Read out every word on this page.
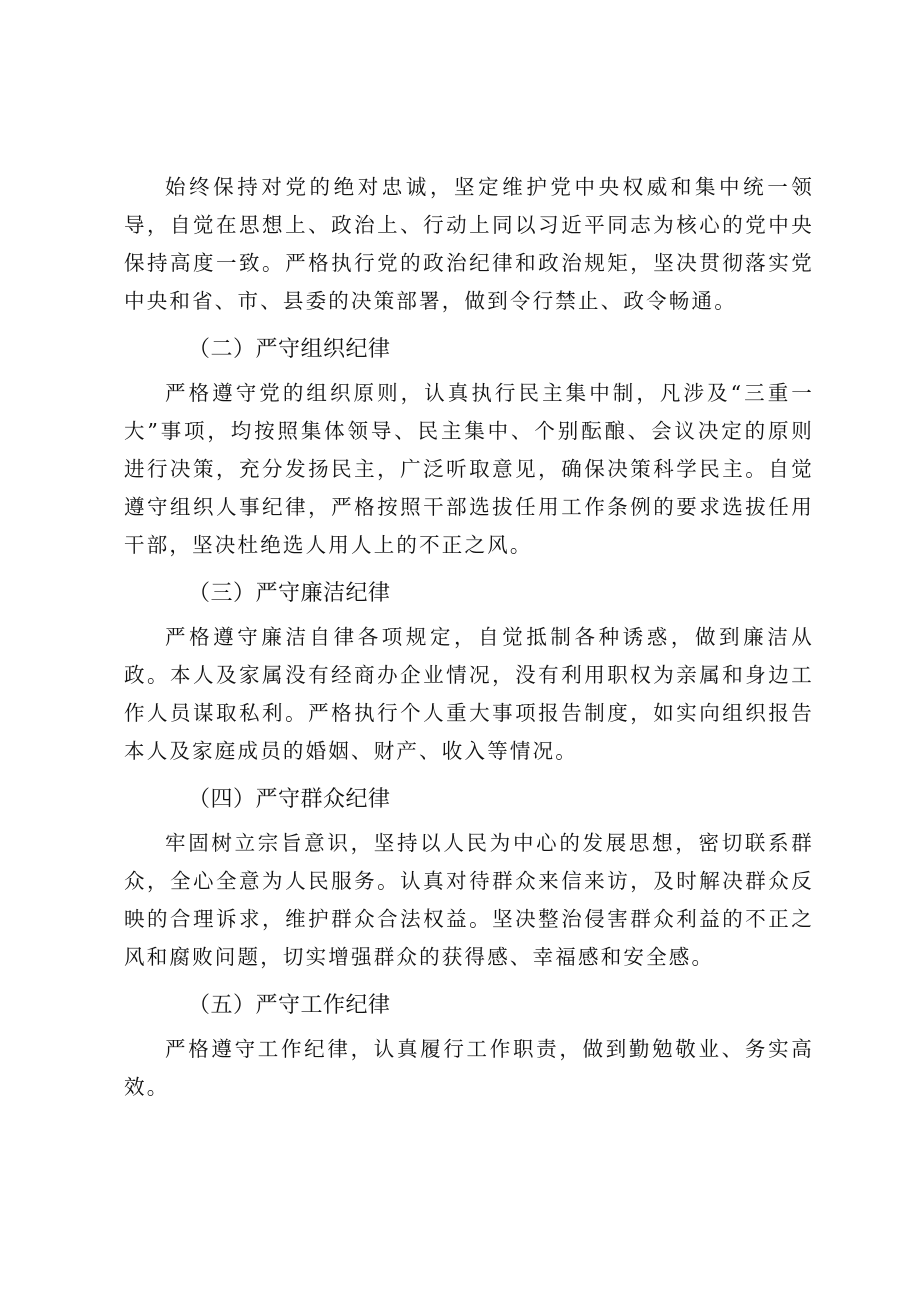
始终保持对党的绝对忠诚，坚定维护党中央权威和集中统一领导，自觉在思想上、政治上、行动上同以习近平同志为核心的党中央保持高度一致。严格执行党的政治纪律和政治规矩，坚决贯彻落实党中央和省、市、县委的决策部署，做到令行禁止、政令畅通。

（二）严守组织纪律

严格遵守党的组织原则，认真执行民主集中制，凡涉及“三重一大”事项，均按照集体领导、民主集中、个别酝酿、会议决定的原则进行决策，充分发扬民主，广泛听取意见，确保决策科学民主。自觉遵守组织人事纪律，严格按照干部选拔任用工作条例的要求选拔任用干部，坚决杜绝选人用人上的不正之风。

（三）严守廉洁纪律

严格遵守廉洁自律各项规定，自觉抵制各种诱惑，做到廉洁从政。本人及家属没有经商办企业情况，没有利用职权为亲属和身边工作人员谋取私利。严格执行个人重大事项报告制度，如实向组织报告本人及家庭成员的婚姻、财产、收入等情况。

（四）严守群众纪律

牢固树立宗旨意识，坚持以人民为中心的发展思想，密切联系群众，全心全意为人民服务。认真对待群众来信来访，及时解决群众反映的合理诉求，维护群众合法权益。坚决整治侵害群众利益的不正之风和腐败问题，切实增强群众的获得感、幸福感和安全感。

（五）严守工作纪律

严格遵守工作纪律，认真履行工作职责，做到勤勉敬业、务实高效。
